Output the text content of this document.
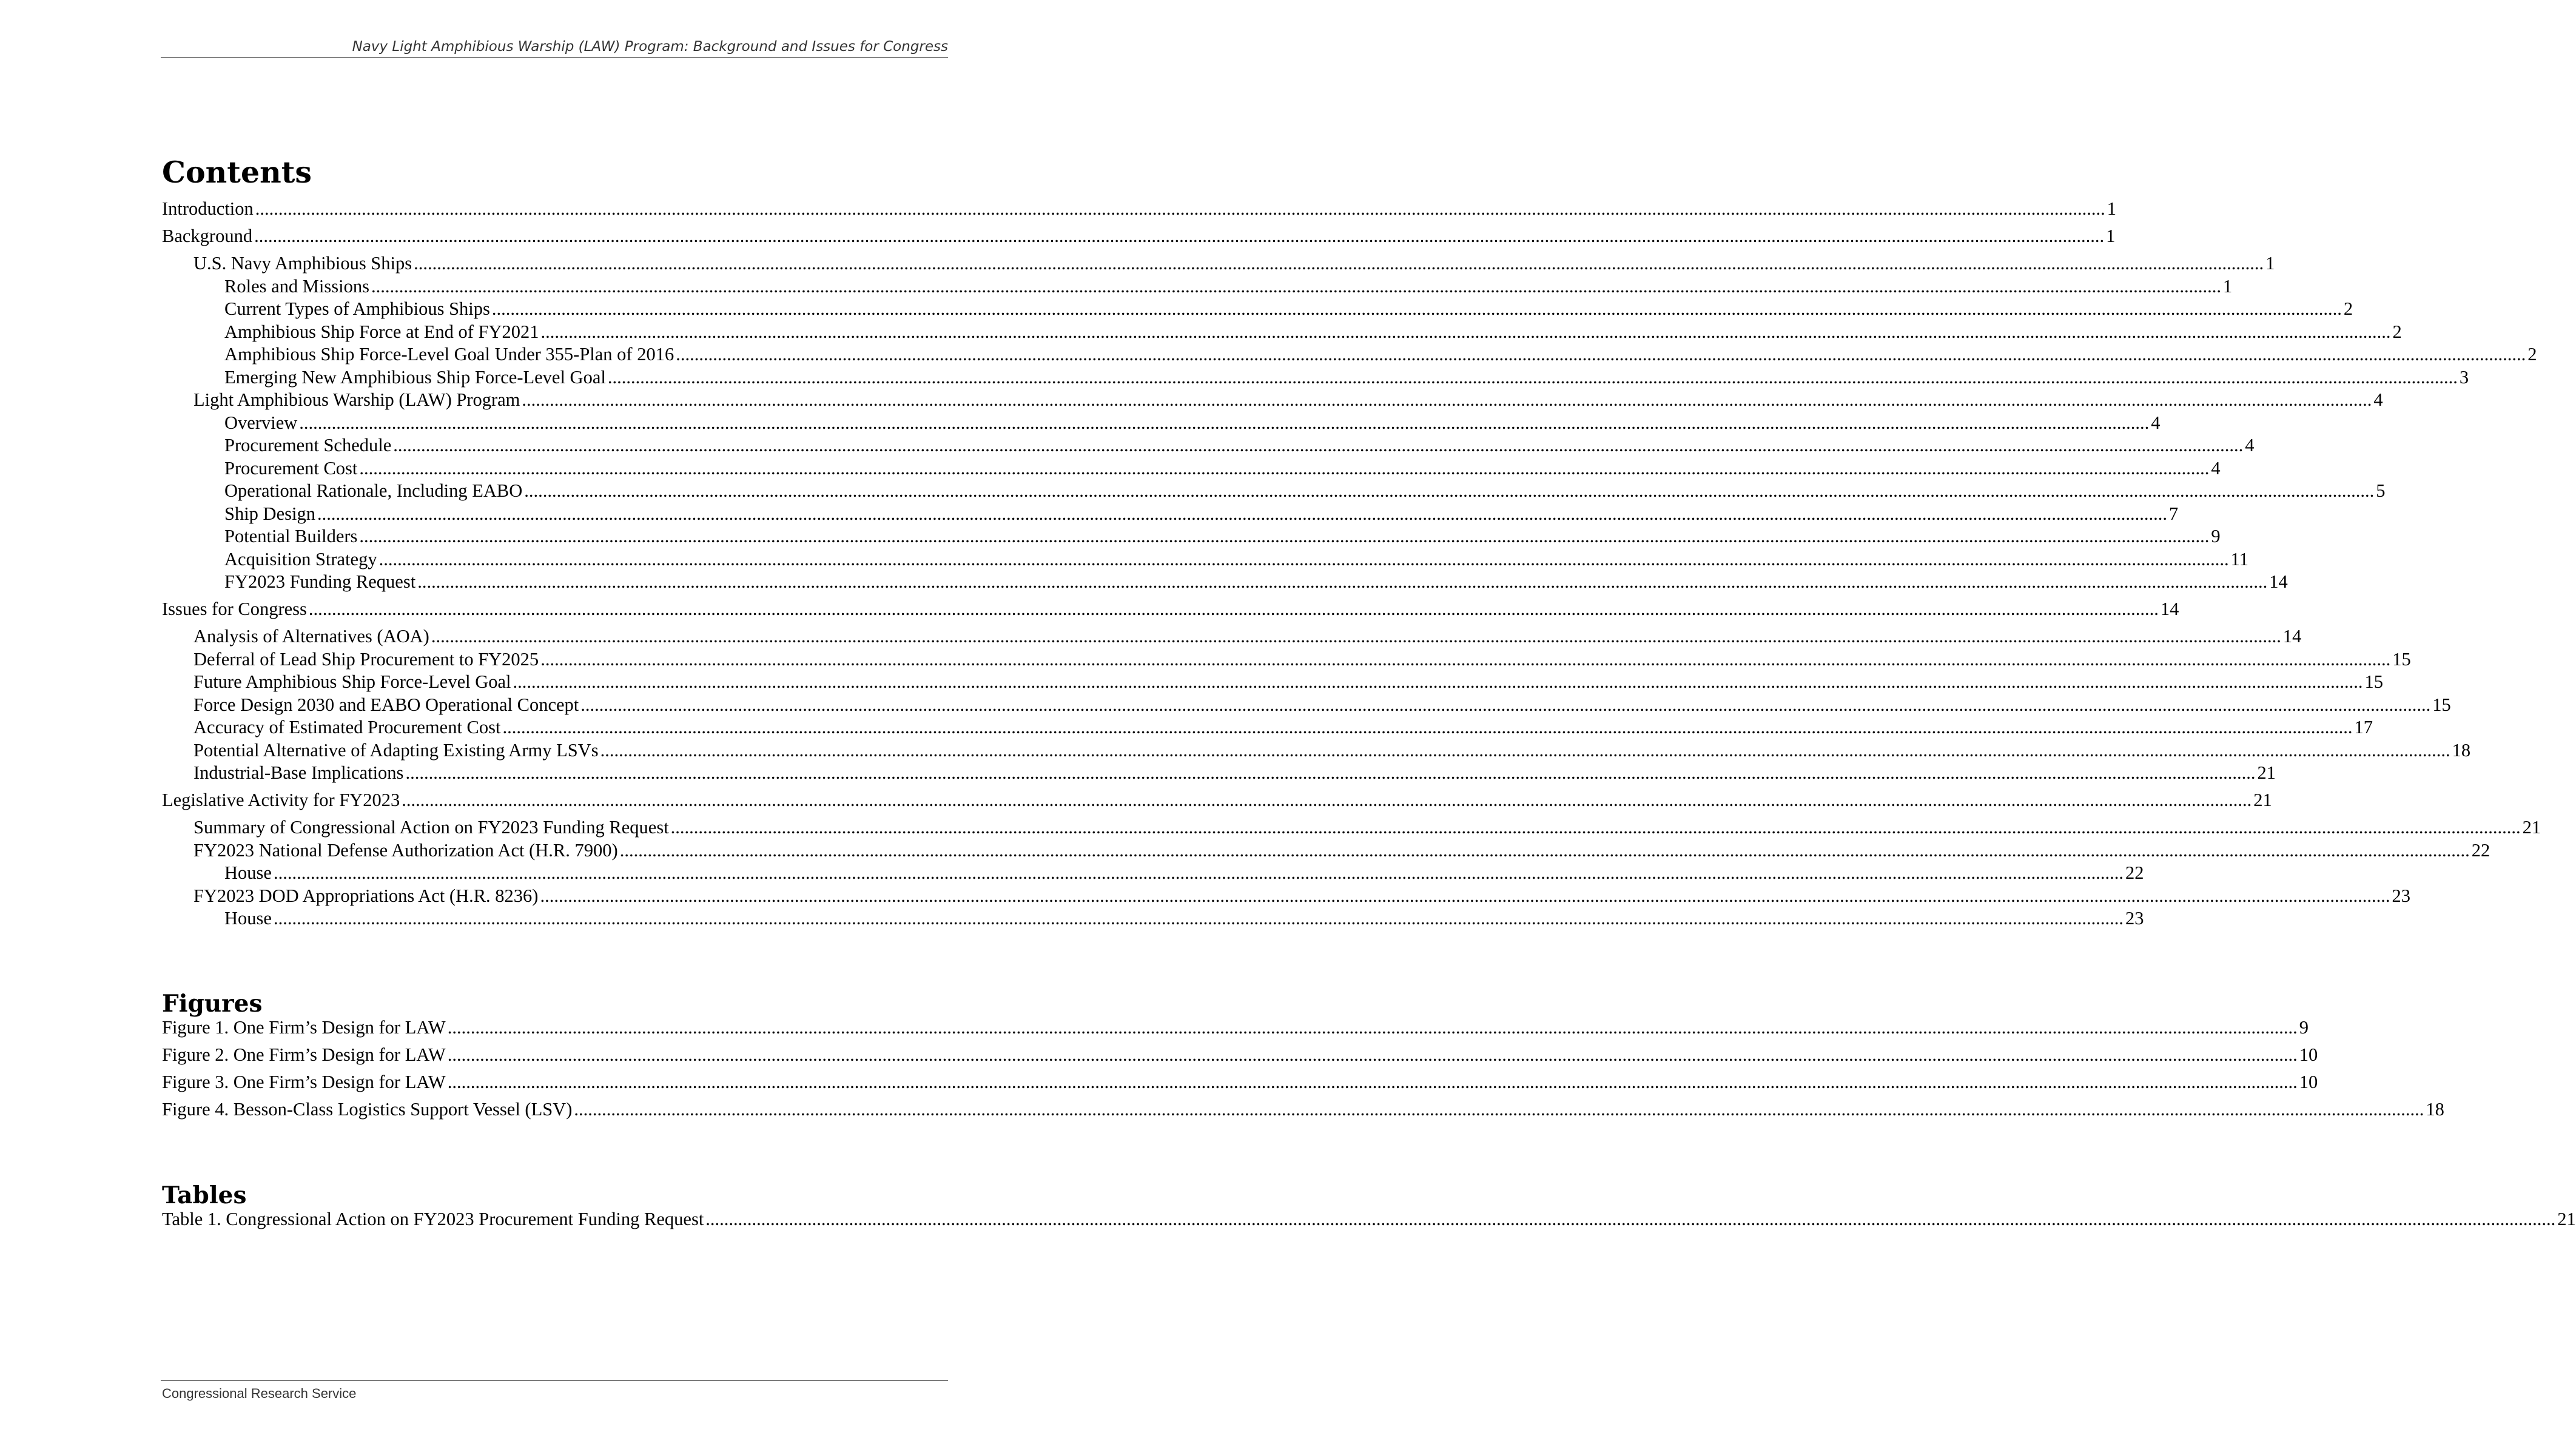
Navy Light Amphibious Warship (LAW) Program: Background and Issues for Congress
Contents
Introduction ................................................................................................................................................................................................................................................................................................................................................................................................................ 1
Background ................................................................................................................................................................................................................................................................................................................................................................................................................ 1
U.S. Navy Amphibious Ships ................................................................................................................................................................................................................................................................................................................................................................................................................ 1
Roles and Missions ................................................................................................................................................................................................................................................................................................................................................................................................................ 1
Current Types of Amphibious Ships ................................................................................................................................................................................................................................................................................................................................................................................................................ 2
Amphibious Ship Force at End of FY2021 ................................................................................................................................................................................................................................................................................................................................................................................................................ 2
Amphibious Ship Force-Level Goal Under 355-Plan of 2016 ................................................................................................................................................................................................................................................................................................................................................................................................................ 2
Emerging New Amphibious Ship Force-Level Goal ................................................................................................................................................................................................................................................................................................................................................................................................................ 3
Light Amphibious Warship (LAW) Program ................................................................................................................................................................................................................................................................................................................................................................................................................ 4
Overview ................................................................................................................................................................................................................................................................................................................................................................................................................ 4
Procurement Schedule ................................................................................................................................................................................................................................................................................................................................................................................................................ 4
Procurement Cost ................................................................................................................................................................................................................................................................................................................................................................................................................ 4
Operational Rationale, Including EABO ................................................................................................................................................................................................................................................................................................................................................................................................................ 5
Ship Design ................................................................................................................................................................................................................................................................................................................................................................................................................ 7
Potential Builders ................................................................................................................................................................................................................................................................................................................................................................................................................ 9
Acquisition Strategy ................................................................................................................................................................................................................................................................................................................................................................................................................ 11
FY2023 Funding Request ................................................................................................................................................................................................................................................................................................................................................................................................................ 14
Issues for Congress ................................................................................................................................................................................................................................................................................................................................................................................................................ 14
Analysis of Alternatives (AOA) ................................................................................................................................................................................................................................................................................................................................................................................................................ 14
Deferral of Lead Ship Procurement to FY2025 ................................................................................................................................................................................................................................................................................................................................................................................................................ 15
Future Amphibious Ship Force-Level Goal ................................................................................................................................................................................................................................................................................................................................................................................................................ 15
Force Design 2030 and EABO Operational Concept ................................................................................................................................................................................................................................................................................................................................................................................................................ 15
Accuracy of Estimated Procurement Cost ................................................................................................................................................................................................................................................................................................................................................................................................................ 17
Potential Alternative of Adapting Existing Army LSVs ................................................................................................................................................................................................................................................................................................................................................................................................................ 18
Industrial-Base Implications ................................................................................................................................................................................................................................................................................................................................................................................................................ 21
Legislative Activity for FY2023 ................................................................................................................................................................................................................................................................................................................................................................................................................ 21
Summary of Congressional Action on FY2023 Funding Request ................................................................................................................................................................................................................................................................................................................................................................................................................ 21
FY2023 National Defense Authorization Act (H.R. 7900) ................................................................................................................................................................................................................................................................................................................................................................................................................ 22
House ................................................................................................................................................................................................................................................................................................................................................................................................................ 22
FY2023 DOD Appropriations Act (H.R. 8236) ................................................................................................................................................................................................................................................................................................................................................................................................................ 23
House ................................................................................................................................................................................................................................................................................................................................................................................................................ 23
Figures
Figure 1. One Firm’s Design for LAW ................................................................................................................................................................................................................................................................................................................................................................................................................ 9
Figure 2. One Firm’s Design for LAW ................................................................................................................................................................................................................................................................................................................................................................................................................ 10
Figure 3. One Firm’s Design for LAW ................................................................................................................................................................................................................................................................................................................................................................................................................ 10
Figure 4. Besson-Class Logistics Support Vessel (LSV) ................................................................................................................................................................................................................................................................................................................................................................................................................ 18
Tables
Table 1. Congressional Action on FY2023 Procurement Funding Request ................................................................................................................................................................................................................................................................................................................................................................................................................ 21
Congressional Research Service
